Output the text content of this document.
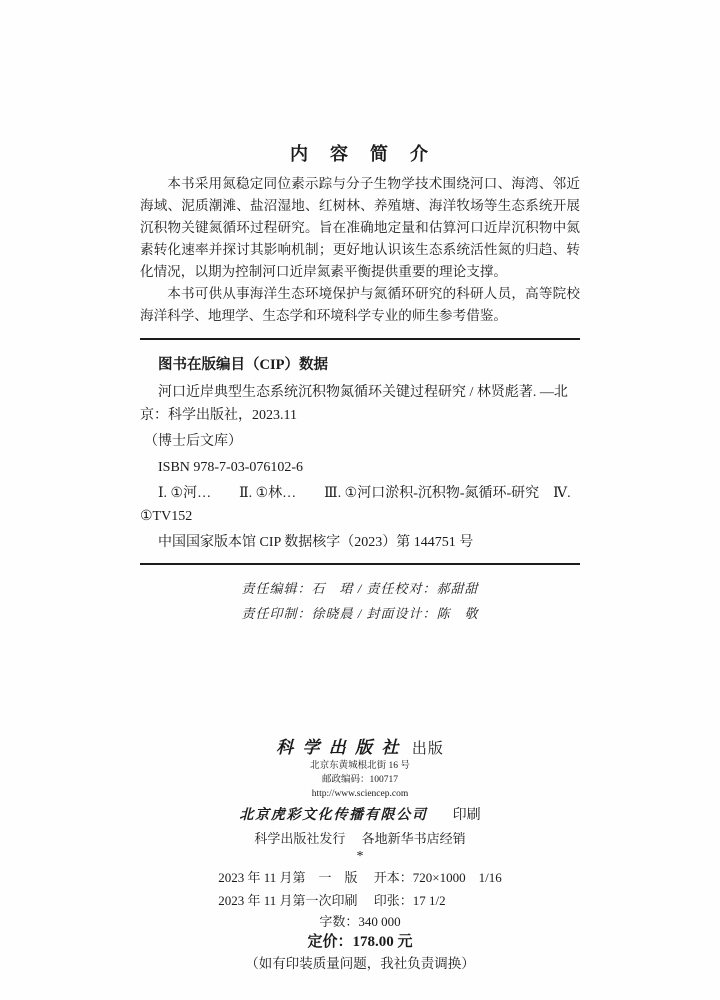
内　容　简　介

本书采用氮稳定同位素示踪与分子生物学技术围绕河口、海湾、邻近海域、泥质潮滩、盐沼湿地、红树林、养殖塘、海洋牧场等生态系统开展沉积物关键氮循环过程研究。旨在准确地定量和估算河口近岸沉积物中氮素转化速率并探讨其影响机制；更好地认识该生态系统活性氮的归趋、转化情况，以期为控制河口近岸氮素平衡提供重要的理论支撑。

本书可供从事海洋生态环境保护与氮循环研究的科研人员，高等院校海洋科学、地理学、生态学和环境科学专业的师生参考借鉴。

图书在版编目（CIP）数据
河口近岸典型生态系统沉积物氮循环关键过程研究 / 林贤彪著. —北
京：科学出版社，2023.11
（博士后文库）
ISBN 978-7-03-076102-6
Ⅰ. ①河…　　Ⅱ. ①林…　　Ⅲ. ①河口淤积-沉积物-氮循环-研究　Ⅳ.
①TV152
中国国家版本馆 CIP 数据核字（2023）第 144751 号
责任编辑：石　珺 / 责任校对：郝甜甜
责任印制：徐晓晨 / 封面设计：陈　敬
科学出版社 出版
北京东黄城根北街 16 号
邮政编码：100717
http://www.sciencep.com
北京虎彩文化传播有限公司 印刷
科学出版社发行　 各地新华书店经销
*
2023 年 11 月第　一　版　 开本：720×1000　1/16
2023 年 11 月第一次印刷　 印张：17 1/2
字数：340 000
定价：178.00 元
（如有印装质量问题，我社负责调换）
